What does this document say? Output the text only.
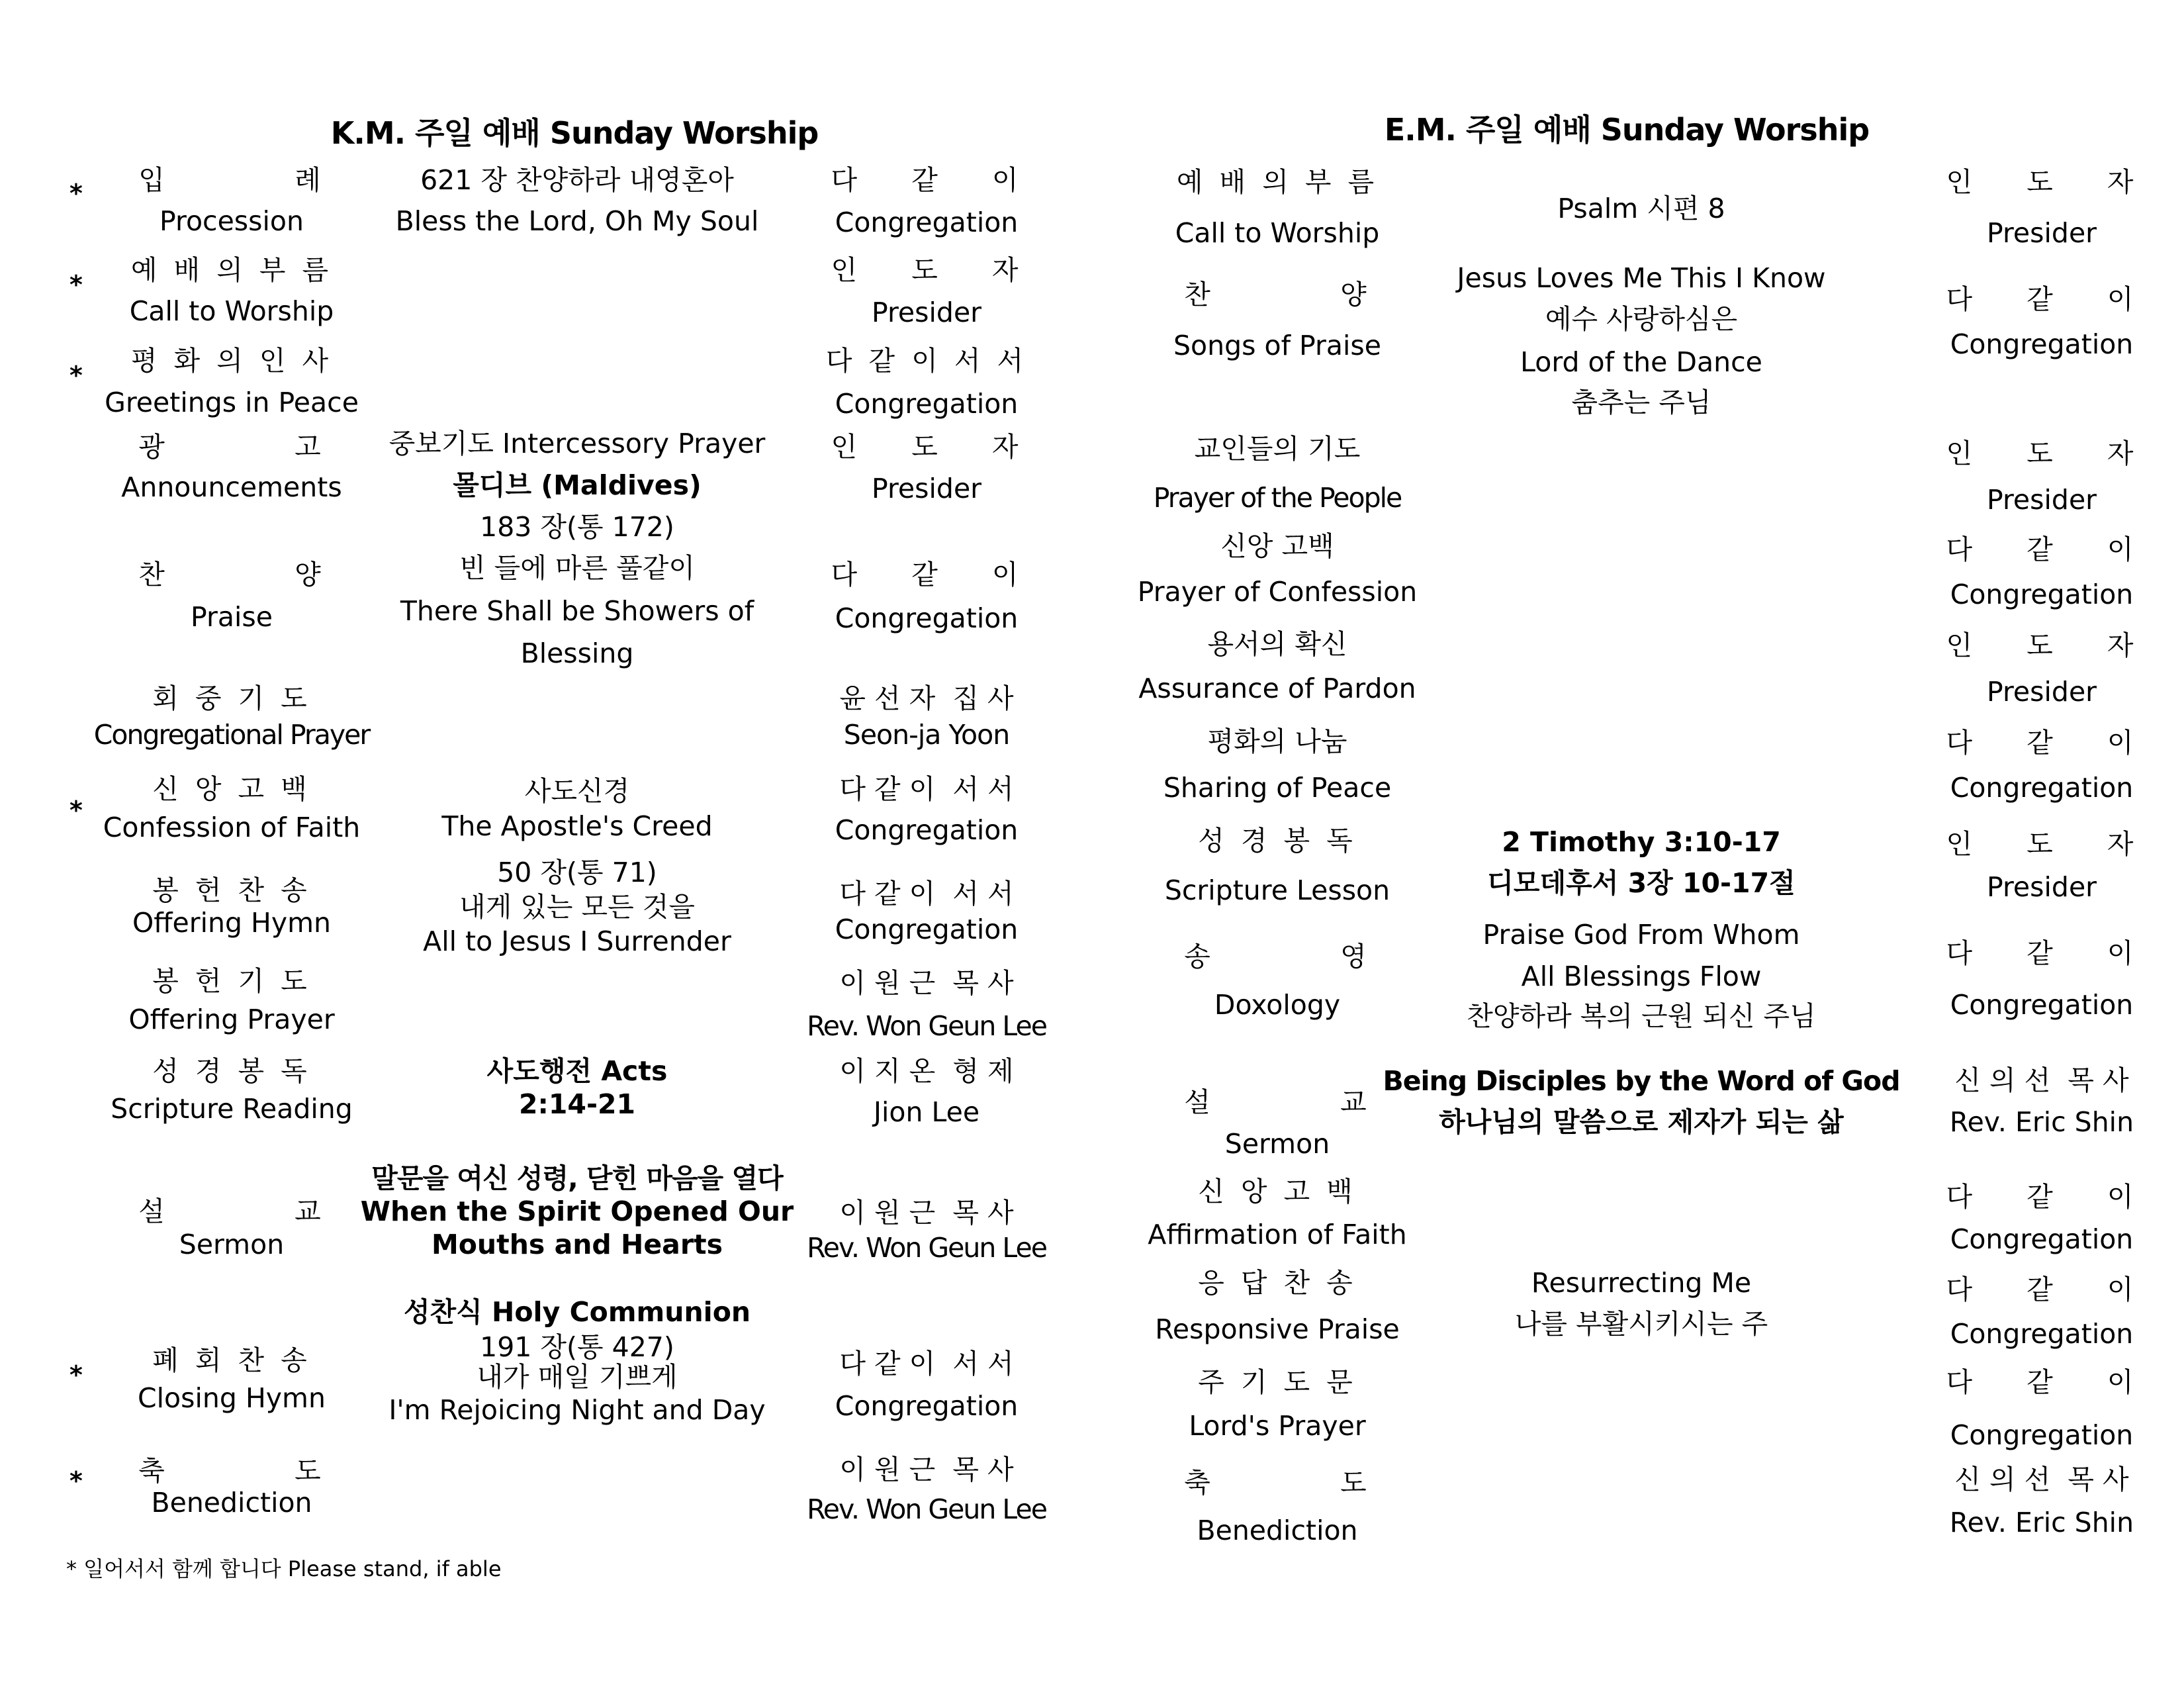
K.M. 주일 예배 Sunday Worship
*
*
*
*
*
*
입          례
Procession
621 장 찬양하라 내영혼아
Bless the Lord, Oh My Soul
다    같    이
Congregation
예 배 의 부 름
Call to Worship
인    도    자
Presider
평 화 의 인 사
Greetings in Peace
다 같 이 서 서
Congregation
광          고
Announcements
중보기도 Intercessory Prayer
몰디브 (Maldives)
인    도    자
Presider
찬          양
Praise
183 장(통 172)
빈 들에 마른 풀같이
There Shall be Showers of
Blessing
다    같    이
Congregation
회 중 기 도
Congregational Prayer
윤 선 자  집 사
Seon-ja Yoon
신 앙 고 백
Confession of Faith
사도신경
The Apostle's Creed
다 같 이  서 서
Congregation
봉 헌 찬 송
Offering Hymn
50 장(통 71)
내게 있는 모든 것을
All to Jesus I Surrender
다 같 이  서 서
Congregation
봉 헌 기 도
Offering Prayer
이 원 근  목 사
Rev. Won Geun Lee
성 경 봉 독
Scripture Reading
사도행전 Acts
2:14-21
이 지 온  형 제
Jion Lee
설          교
Sermon
말문을 여신 성령, 닫힌 마음을 열다
When the Spirit Opened Our
Mouths and Hearts
이 원 근  목 사
Rev. Won Geun Lee
폐 회 찬 송
Closing Hymn
성찬식 Holy Communion
191 장(통 427)
내가 매일 기쁘게
I'm Rejoicing Night and Day
다 같 이  서 서
Congregation
축          도
Benediction
이 원 근  목 사
Rev. Won Geun Lee
* 일어서서 함께 합니다 Please stand, if able
E.M. 주일 예배 Sunday Worship
예 배 의 부 름
Call to Worship
찬          양
Songs of Praise
교인들의 기도
Prayer of the People
신앙 고백
Prayer of Confession
용서의 확신
Assurance of Pardon
평화의 나눔
Sharing of Peace
성 경 봉 독
Scripture Lesson
송          영
Doxology
설          교
Sermon
신 앙 고 백
Affirmation of Faith
응 답 찬 송
Responsive Praise
주 기 도 문
Lord's Prayer
축          도
Benediction
Psalm 시편 8
Jesus Loves Me This I Know
예수 사랑하심은
Lord of the Dance
춤추는 주님
2 Timothy 3:10-17
디모데후서 3장 10-17절
Praise God From Whom
All Blessings Flow
찬양하라 복의 근원 되신 주님
Being Disciples by the Word of God
하나님의 말씀으로 제자가 되는 삶
Resurrecting Me
나를 부활시키시는 주
인    도    자
Presider
다    같    이
Congregation
인    도    자
Presider
다    같    이
Congregation
인    도    자
Presider
다    같    이
Congregation
인    도    자
Presider
다    같    이
Congregation
신 의 선  목 사
Rev. Eric Shin
다    같    이
Congregation
다    같    이
Congregation
다    같    이
Congregation
신 의 선  목 사
Rev. Eric Shin
